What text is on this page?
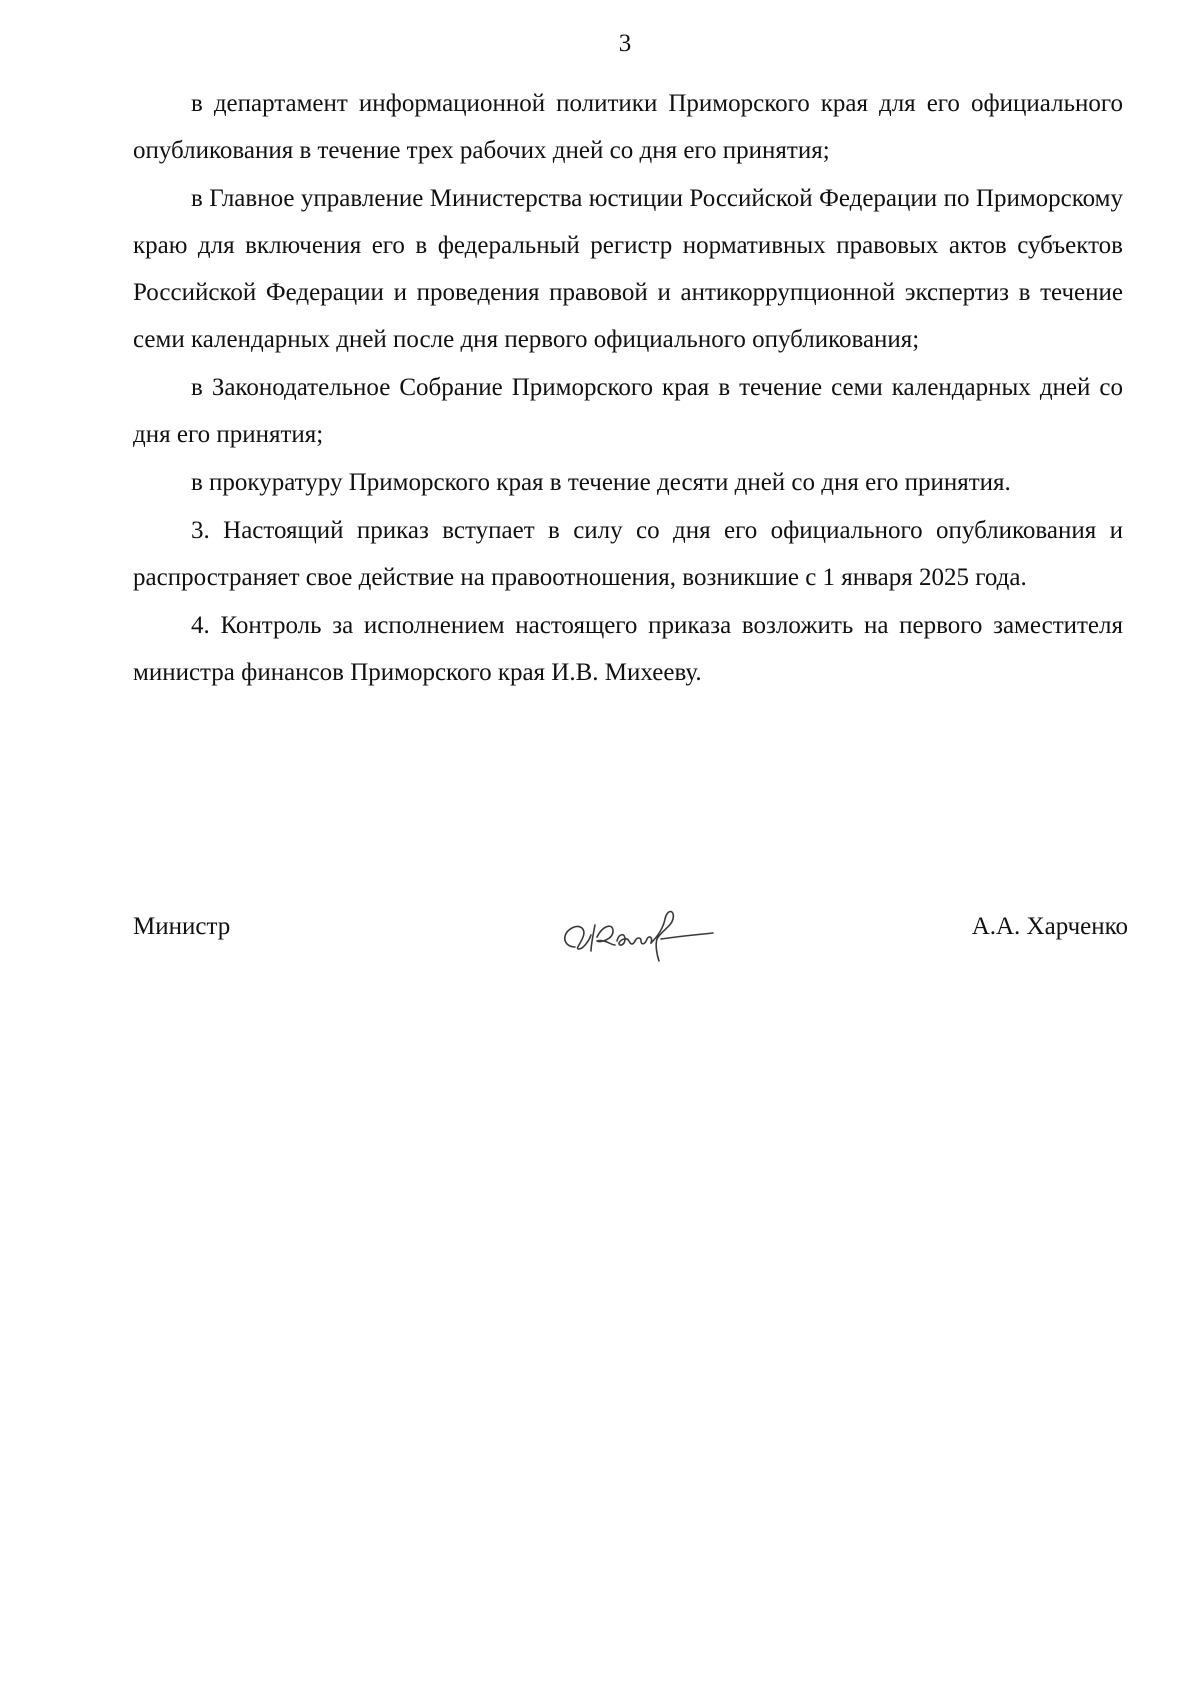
3

в департамент информационной политики Приморского края для его официального опубликования в течение трех рабочих дней со дня его принятия;

в Главное управление Министерства юстиции Российской Федерации по Приморскому краю для включения его в федеральный регистр нормативных правовых актов субъектов Российской Федерации и проведения правовой и антикоррупционной экспертиз в течение семи календарных дней после дня первого официального опубликования;

в Законодательное Собрание Приморского края в течение семи календарных дней со дня его принятия;

в прокуратуру Приморского края в течение десяти дней со дня его принятия.

3. Настоящий приказ вступает в силу со дня его официального опубликования и распространяет свое действие на правоотношения, возникшие с 1 января 2025 года.

4. Контроль за исполнением настоящего приказа возложить на первого заместителя министра финансов Приморского края И.В. Михееву.

Министр	А.А. Харченко
